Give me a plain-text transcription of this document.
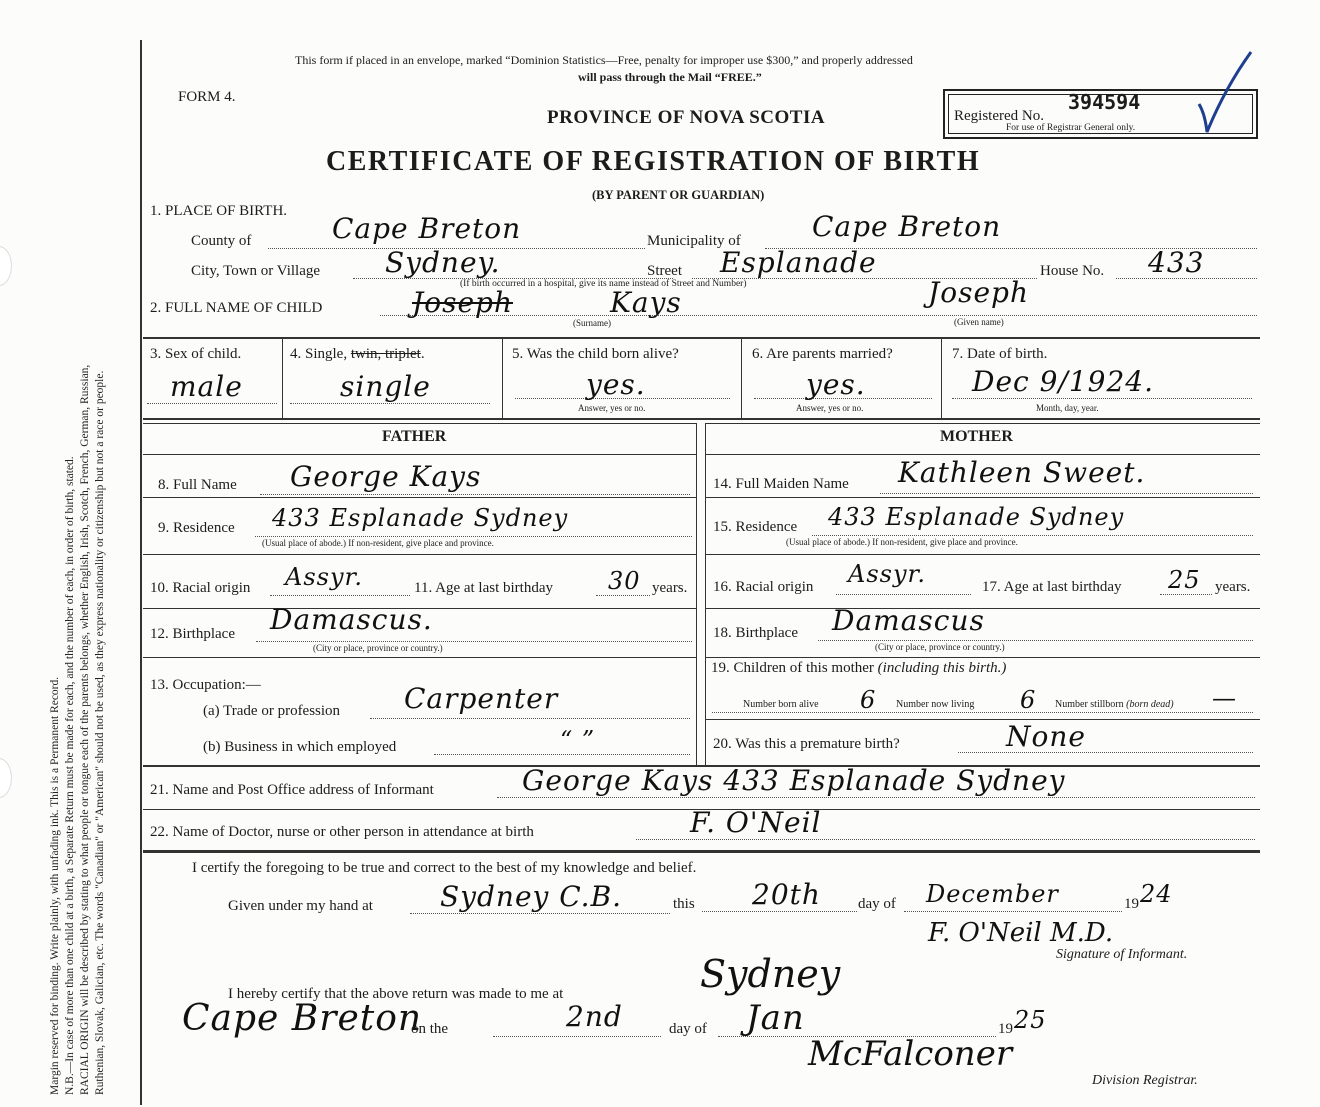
Margin reserved for binding. Write plainly, with unfading ink. This is a Permanent Record. N.B.—In case of more than one child at a birth, a Separate Return must be made for each, and the number of each, in order of birth, stated. RACIAL ORIGIN will be described by stating to what people or tongue each of the parents belongs, whether English, Irish, Scotch, French, German, Russian, Ruthenian, Slovak, Galician, etc. The words "Canadian" or "American" should not be used, as they express nationality or citizenship but not a race or people.
This form if placed in an envelope, marked “Dominion Statistics—Free, penalty for improper use $300,” and properly addressed
will pass through the Mail “FREE.”
FORM 4.
PROVINCE OF NOVA SCOTIA
CERTIFICATE OF REGISTRATION OF BIRTH
(BY PARENT OR GUARDIAN)
Registered No.
394594
For use of Registrar General only.
1. PLACE OF BIRTH.
County of	Cape Breton	Municipality of	Cape Breton
City, Town or Village Sydney.	Street Esplanade
(If birth occurred in a hospital, give its name instead of Street and Number)
House No. 433
2. FULL NAME OF CHILD	Joseph
(Surname)
Kays	Joseph
(Given name)
3. Sex of child.
male
4. Single, twin, triplet.
single
5. Was the child born alive?
yes.
Answer, yes or no.
6. Are parents married?
yes.
Answer, yes or no.
7. Date of birth.
Dec 9/1924.
Month, day, year.
FATHER	MOTHER
8. Full Name George Kays
9. Residence 433 Esplanade Sydney
(Usual place of abode.) If non-resident, give place and province.
10. Racial origin Assyr.	11. Age at last birthday 30 years.
12. Birthplace Damascus.
(City or place, province or country.)
13. Occupation:—
(a) Trade or profession Carpenter
(b) Business in which employed	“ ”
14. Full Maiden Name Kathleen Sweet.
15. Residence 433 Esplanade Sydney
(Usual place of abode.) If non-resident, give place and province.
16. Racial origin Assyr.	17. Age at last birthday 25 years.
18. Birthplace Damascus
(City or place, province or country.)
19. Children of this mother (including this birth.)
Number born alive 6 Number now living 6 Number stillborn (born dead) —
20. Was this a premature birth?	None
21. Name and Post Office address of Informant	George Kays 433 Esplanade Sydney
22. Name of Doctor, nurse or other person in attendance at birth	F. O'Neil
I certify the foregoing to be true and correct to the best of my knowledge and belief.
Given under my hand at Sydney C.B.	this 20th day of December	19 24
F. O'Neil M.D.
Signature of Informant.
I hereby certify that the above return was made to me at	Sydney
Cape Breton
on the	2nd	day of Jan	19 25
McFalconer
Division Registrar.
